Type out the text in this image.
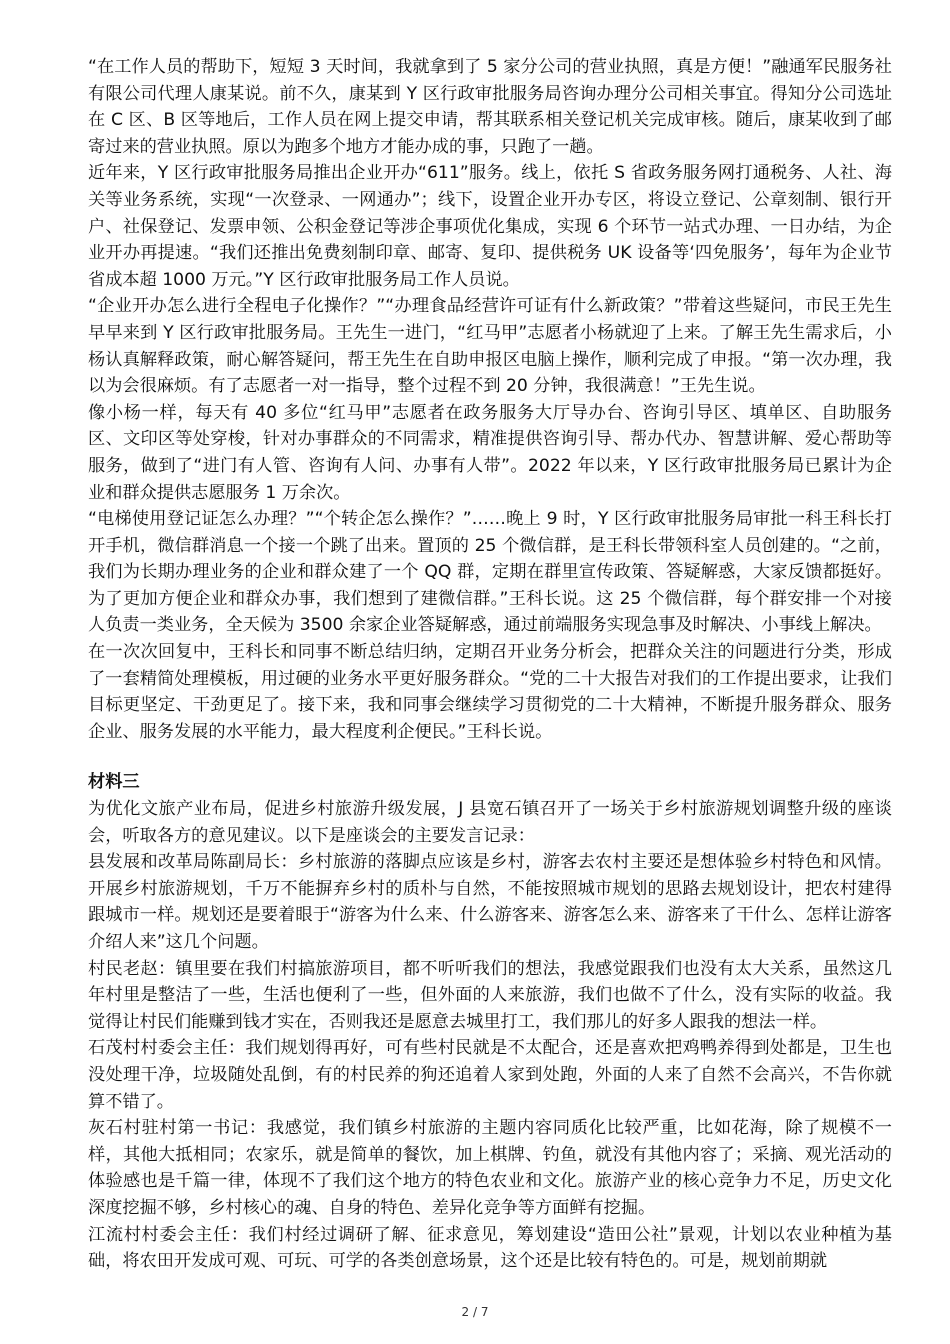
“在工作人员的帮助下，短短 3 天时间，我就拿到了 5 家分公司的营业执照，真是方便！”融通军民服务社有限公司代理人康某说。前不久，康某到 Y 区行政审批服务局咨询办理分公司相关事宜。得知分公司选址在 C 区、B 区等地后，工作人员在网上提交申请，帮其联系相关登记机关完成审核。随后，康某收到了邮寄过来的营业执照。原以为跑多个地方才能办成的事，只跑了一趟。

近年来，Y 区行政审批服务局推出企业开办“611”服务。线上，依托 S 省政务服务网打通税务、人社、海关等业务系统，实现“一次登录、一网通办”；线下，设置企业开办专区，将设立登记、公章刻制、银行开户、社保登记、发票申领、公积金登记等涉企事项优化集成，实现 6 个环节一站式办理、一日办结，为企业开办再提速。“我们还推出免费刻制印章、邮寄、复印、提供税务 UK 设备等‘四免服务’，每年为企业节省成本超 1000 万元。”Y 区行政审批服务局工作人员说。

“企业开办怎么进行全程电子化操作？”“办理食品经营许可证有什么新政策？”带着这些疑问，市民王先生早早来到 Y 区行政审批服务局。王先生一进门，“红马甲”志愿者小杨就迎了上来。了解王先生需求后，小杨认真解释政策，耐心解答疑问，帮王先生在自助申报区电脑上操作，顺利完成了申报。“第一次办理，我以为会很麻烦。有了志愿者一对一指导，整个过程不到 20 分钟，我很满意！”王先生说。

像小杨一样，每天有 40 多位“红马甲”志愿者在政务服务大厅导办台、咨询引导区、填单区、自助服务区、文印区等处穿梭，针对办事群众的不同需求，精准提供咨询引导、帮办代办、智慧讲解、爱心帮助等服务，做到了“进门有人管、咨询有人问、办事有人带”。2022 年以来，Y 区行政审批服务局已累计为企业和群众提供志愿服务 1 万余次。

“电梯使用登记证怎么办理？”“个转企怎么操作？”……晚上 9 时，Y 区行政审批服务局审批一科王科长打开手机，微信群消息一个接一个跳了出来。置顶的 25 个微信群，是王科长带领科室人员创建的。“之前，我们为长期办理业务的企业和群众建了一个 QQ 群，定期在群里宣传政策、答疑解惑，大家反馈都挺好。为了更加方便企业和群众办事，我们想到了建微信群。”王科长说。这 25 个微信群，每个群安排一个对接人负责一类业务，全天候为 3500 余家企业答疑解惑，通过前端服务实现急事及时解决、小事线上解决。

在一次次回复中，王科长和同事不断总结归纳，定期召开业务分析会，把群众关注的问题进行分类，形成了一套精简处理模板，用过硬的业务水平更好服务群众。“党的二十大报告对我们的工作提出要求，让我们目标更坚定、干劲更足了。接下来，我和同事会继续学习贯彻党的二十大精神，不断提升服务群众、服务企业、服务发展的水平能力，最大程度利企便民。”王科长说。

材料三

为优化文旅产业布局，促进乡村旅游升级发展，J 县宽石镇召开了一场关于乡村旅游规划调整升级的座谈会，听取各方的意见建议。以下是座谈会的主要发言记录：

县发展和改革局陈副局长：乡村旅游的落脚点应该是乡村，游客去农村主要还是想体验乡村特色和风情。开展乡村旅游规划，千万不能摒弃乡村的质朴与自然，不能按照城市规划的思路去规划设计，把农村建得跟城市一样。规划还是要着眼于“游客为什么来、什么游客来、游客怎么来、游客来了干什么、怎样让游客介绍人来”这几个问题。

村民老赵：镇里要在我们村搞旅游项目，都不听听我们的想法，我感觉跟我们也没有太大关系，虽然这几年村里是整洁了一些，生活也便利了一些，但外面的人来旅游，我们也做不了什么，没有实际的收益。我觉得让村民们能赚到钱才实在，否则我还是愿意去城里打工，我们那儿的好多人跟我的想法一样。

石茂村村委会主任：我们规划得再好，可有些村民就是不太配合，还是喜欢把鸡鸭养得到处都是，卫生也没处理干净，垃圾随处乱倒，有的村民养的狗还追着人家到处跑，外面的人来了自然不会高兴，不告你就算不错了。

灰石村驻村第一书记：我感觉，我们镇乡村旅游的主题内容同质化比较严重，比如花海，除了规模不一样，其他大抵相同；农家乐，就是简单的餐饮，加上棋牌、钓鱼，就没有其他内容了；采摘、观光活动的体验感也是千篇一律，体现不了我们这个地方的特色农业和文化。旅游产业的核心竞争力不足，历史文化深度挖掘不够，乡村核心的魂、自身的特色、差异化竞争等方面鲜有挖掘。

江流村村委会主任：我们村经过调研了解、征求意见，筹划建设“造田公社”景观，计划以农业种植为基础，将农田开发成可观、可玩、可学的各类创意场景，这个还是比较有特色的。可是，规划前期就

2 / 7
